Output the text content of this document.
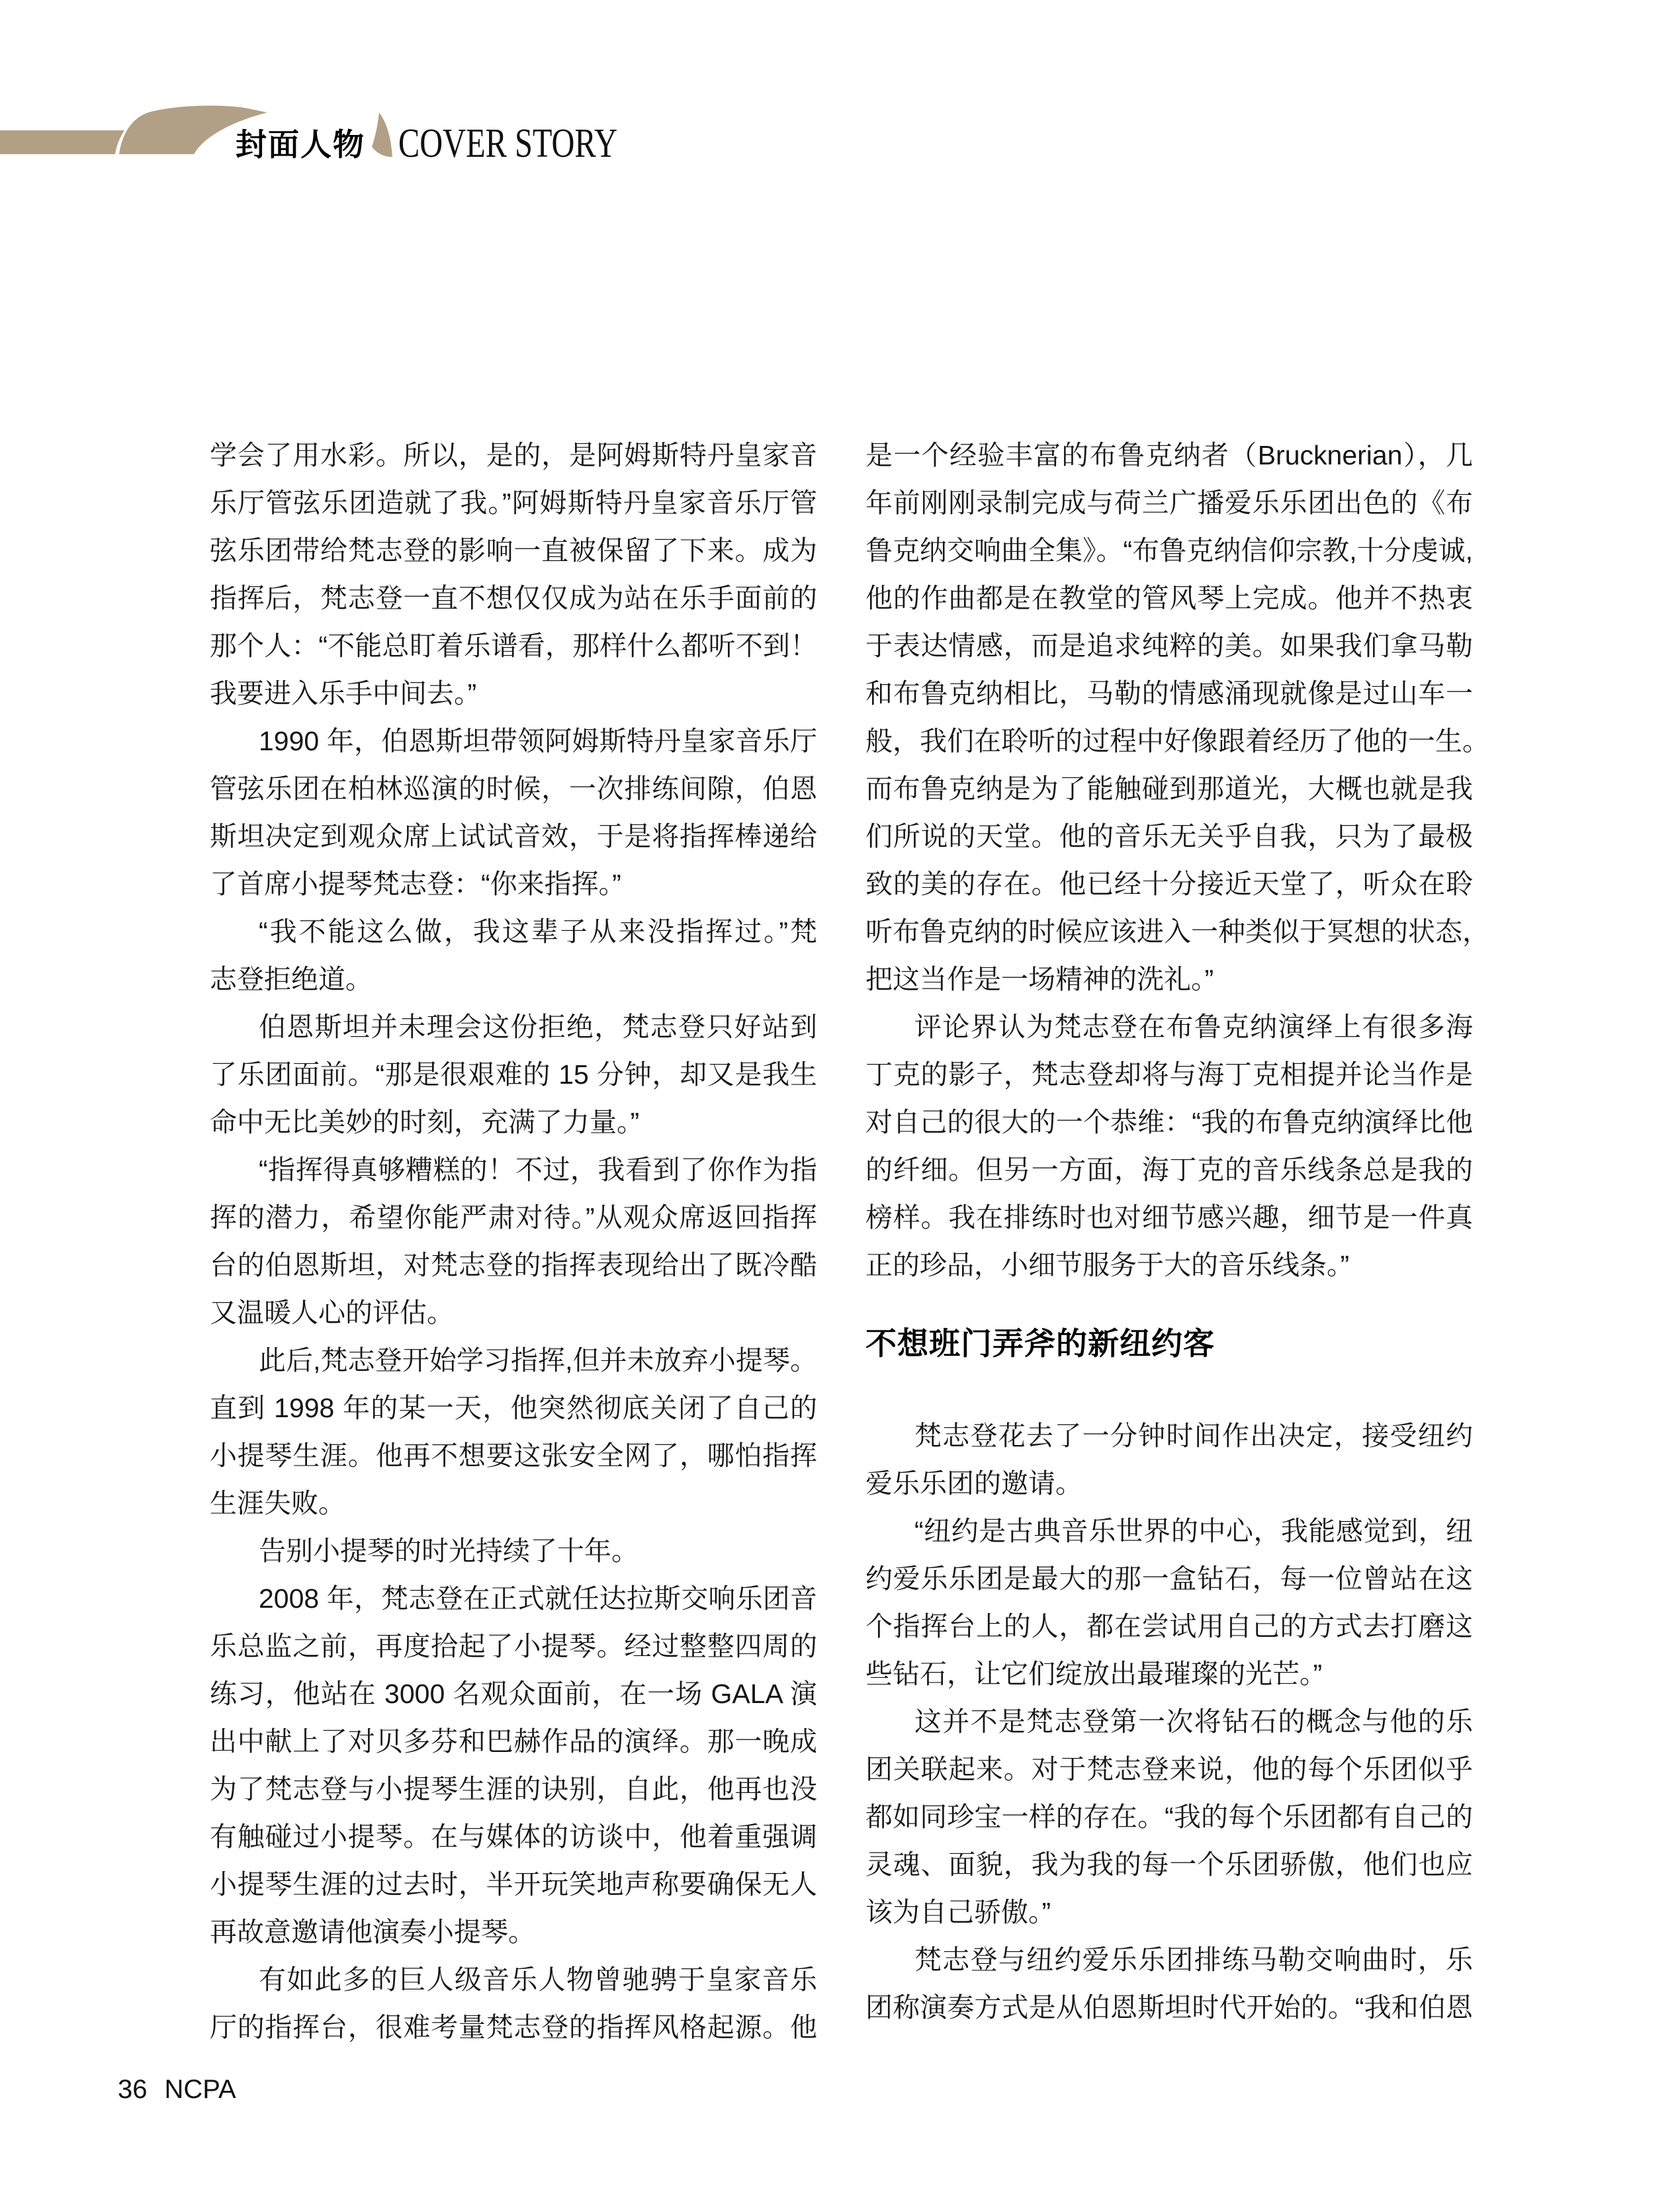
封面人物 COVER STORY
学会了用水彩。所以，是的，是阿姆斯特丹皇家音
乐厅管弦乐团造就了我。”阿姆斯特丹皇家音乐厅管
弦乐团带给梵志登的影响一直被保留了下来。成为
指挥后，梵志登一直不想仅仅成为站在乐手面前的
那个人：“不能总盯着乐谱看，那样什么都听不到！
我要进入乐手中间去。”
1990 年，伯恩斯坦带领阿姆斯特丹皇家音乐厅
管弦乐团在柏林巡演的时候，一次排练间隙，伯恩
斯坦决定到观众席上试试音效，于是将指挥棒递给
了首席小提琴梵志登：“你来指挥。”
“我不能这么做，我这辈子从来没指挥过。”梵
志登拒绝道。
伯恩斯坦并未理会这份拒绝，梵志登只好站到
了乐团面前。“那是很艰难的 15 分钟，却又是我生
命中无比美妙的时刻，充满了力量。”
“指挥得真够糟糕的！不过，我看到了你作为指
挥的潜力，希望你能严肃对待。”从观众席返回指挥
台的伯恩斯坦，对梵志登的指挥表现给出了既冷酷
又温暖人心的评估。
此后,梵志登开始学习指挥,但并未放弃小提琴。
直到 1998 年的某一天，他突然彻底关闭了自己的
小提琴生涯。他再不想要这张安全网了，哪怕指挥
生涯失败。
告别小提琴的时光持续了十年。
2008 年，梵志登在正式就任达拉斯交响乐团音
乐总监之前，再度拾起了小提琴。经过整整四周的
练习，他站在 3000 名观众面前，在一场 GALA 演
出中献上了对贝多芬和巴赫作品的演绎。那一晚成
为了梵志登与小提琴生涯的诀别，自此，他再也没
有触碰过小提琴。在与媒体的访谈中，他着重强调
小提琴生涯的过去时，半开玩笑地声称要确保无人
再故意邀请他演奏小提琴。
有如此多的巨人级音乐人物曾驰骋于皇家音乐
厅的指挥台，很难考量梵志登的指挥风格起源。他
是一个经验丰富的布鲁克纳者（Brucknerian），几
年前刚刚录制完成与荷兰广播爱乐乐团出色的《布
鲁克纳交响曲全集》。“布鲁克纳信仰宗教,十分虔诚,
他的作曲都是在教堂的管风琴上完成。他并不热衷
于表达情感，而是追求纯粹的美。如果我们拿马勒
和布鲁克纳相比，马勒的情感涌现就像是过山车一
般，我们在聆听的过程中好像跟着经历了他的一生。
而布鲁克纳是为了能触碰到那道光，大概也就是我
们所说的天堂。他的音乐无关乎自我，只为了最极
致的美的存在。他已经十分接近天堂了，听众在聆
听布鲁克纳的时候应该进入一种类似于冥想的状态，
把这当作是一场精神的洗礼。”
评论界认为梵志登在布鲁克纳演绎上有很多海
丁克的影子，梵志登却将与海丁克相提并论当作是
对自己的很大的一个恭维：“我的布鲁克纳演绎比他
的纤细。但另一方面，海丁克的音乐线条总是我的
榜样。我在排练时也对细节感兴趣，细节是一件真
正的珍品，小细节服务于大的音乐线条。”
不想班门弄斧的新纽约客
梵志登花去了一分钟时间作出决定，接受纽约
爱乐乐团的邀请。
“纽约是古典音乐世界的中心，我能感觉到，纽
约爱乐乐团是最大的那一盒钻石，每一位曾站在这
个指挥台上的人，都在尝试用自己的方式去打磨这
些钻石，让它们绽放出最璀璨的光芒。”
这并不是梵志登第一次将钻石的概念与他的乐
团关联起来。对于梵志登来说，他的每个乐团似乎
都如同珍宝一样的存在。“我的每个乐团都有自己的
灵魂、面貌，我为我的每一个乐团骄傲，他们也应
该为自己骄傲。”
梵志登与纽约爱乐乐团排练马勒交响曲时，乐
团称演奏方式是从伯恩斯坦时代开始的。“我和伯恩
36 NCPA
